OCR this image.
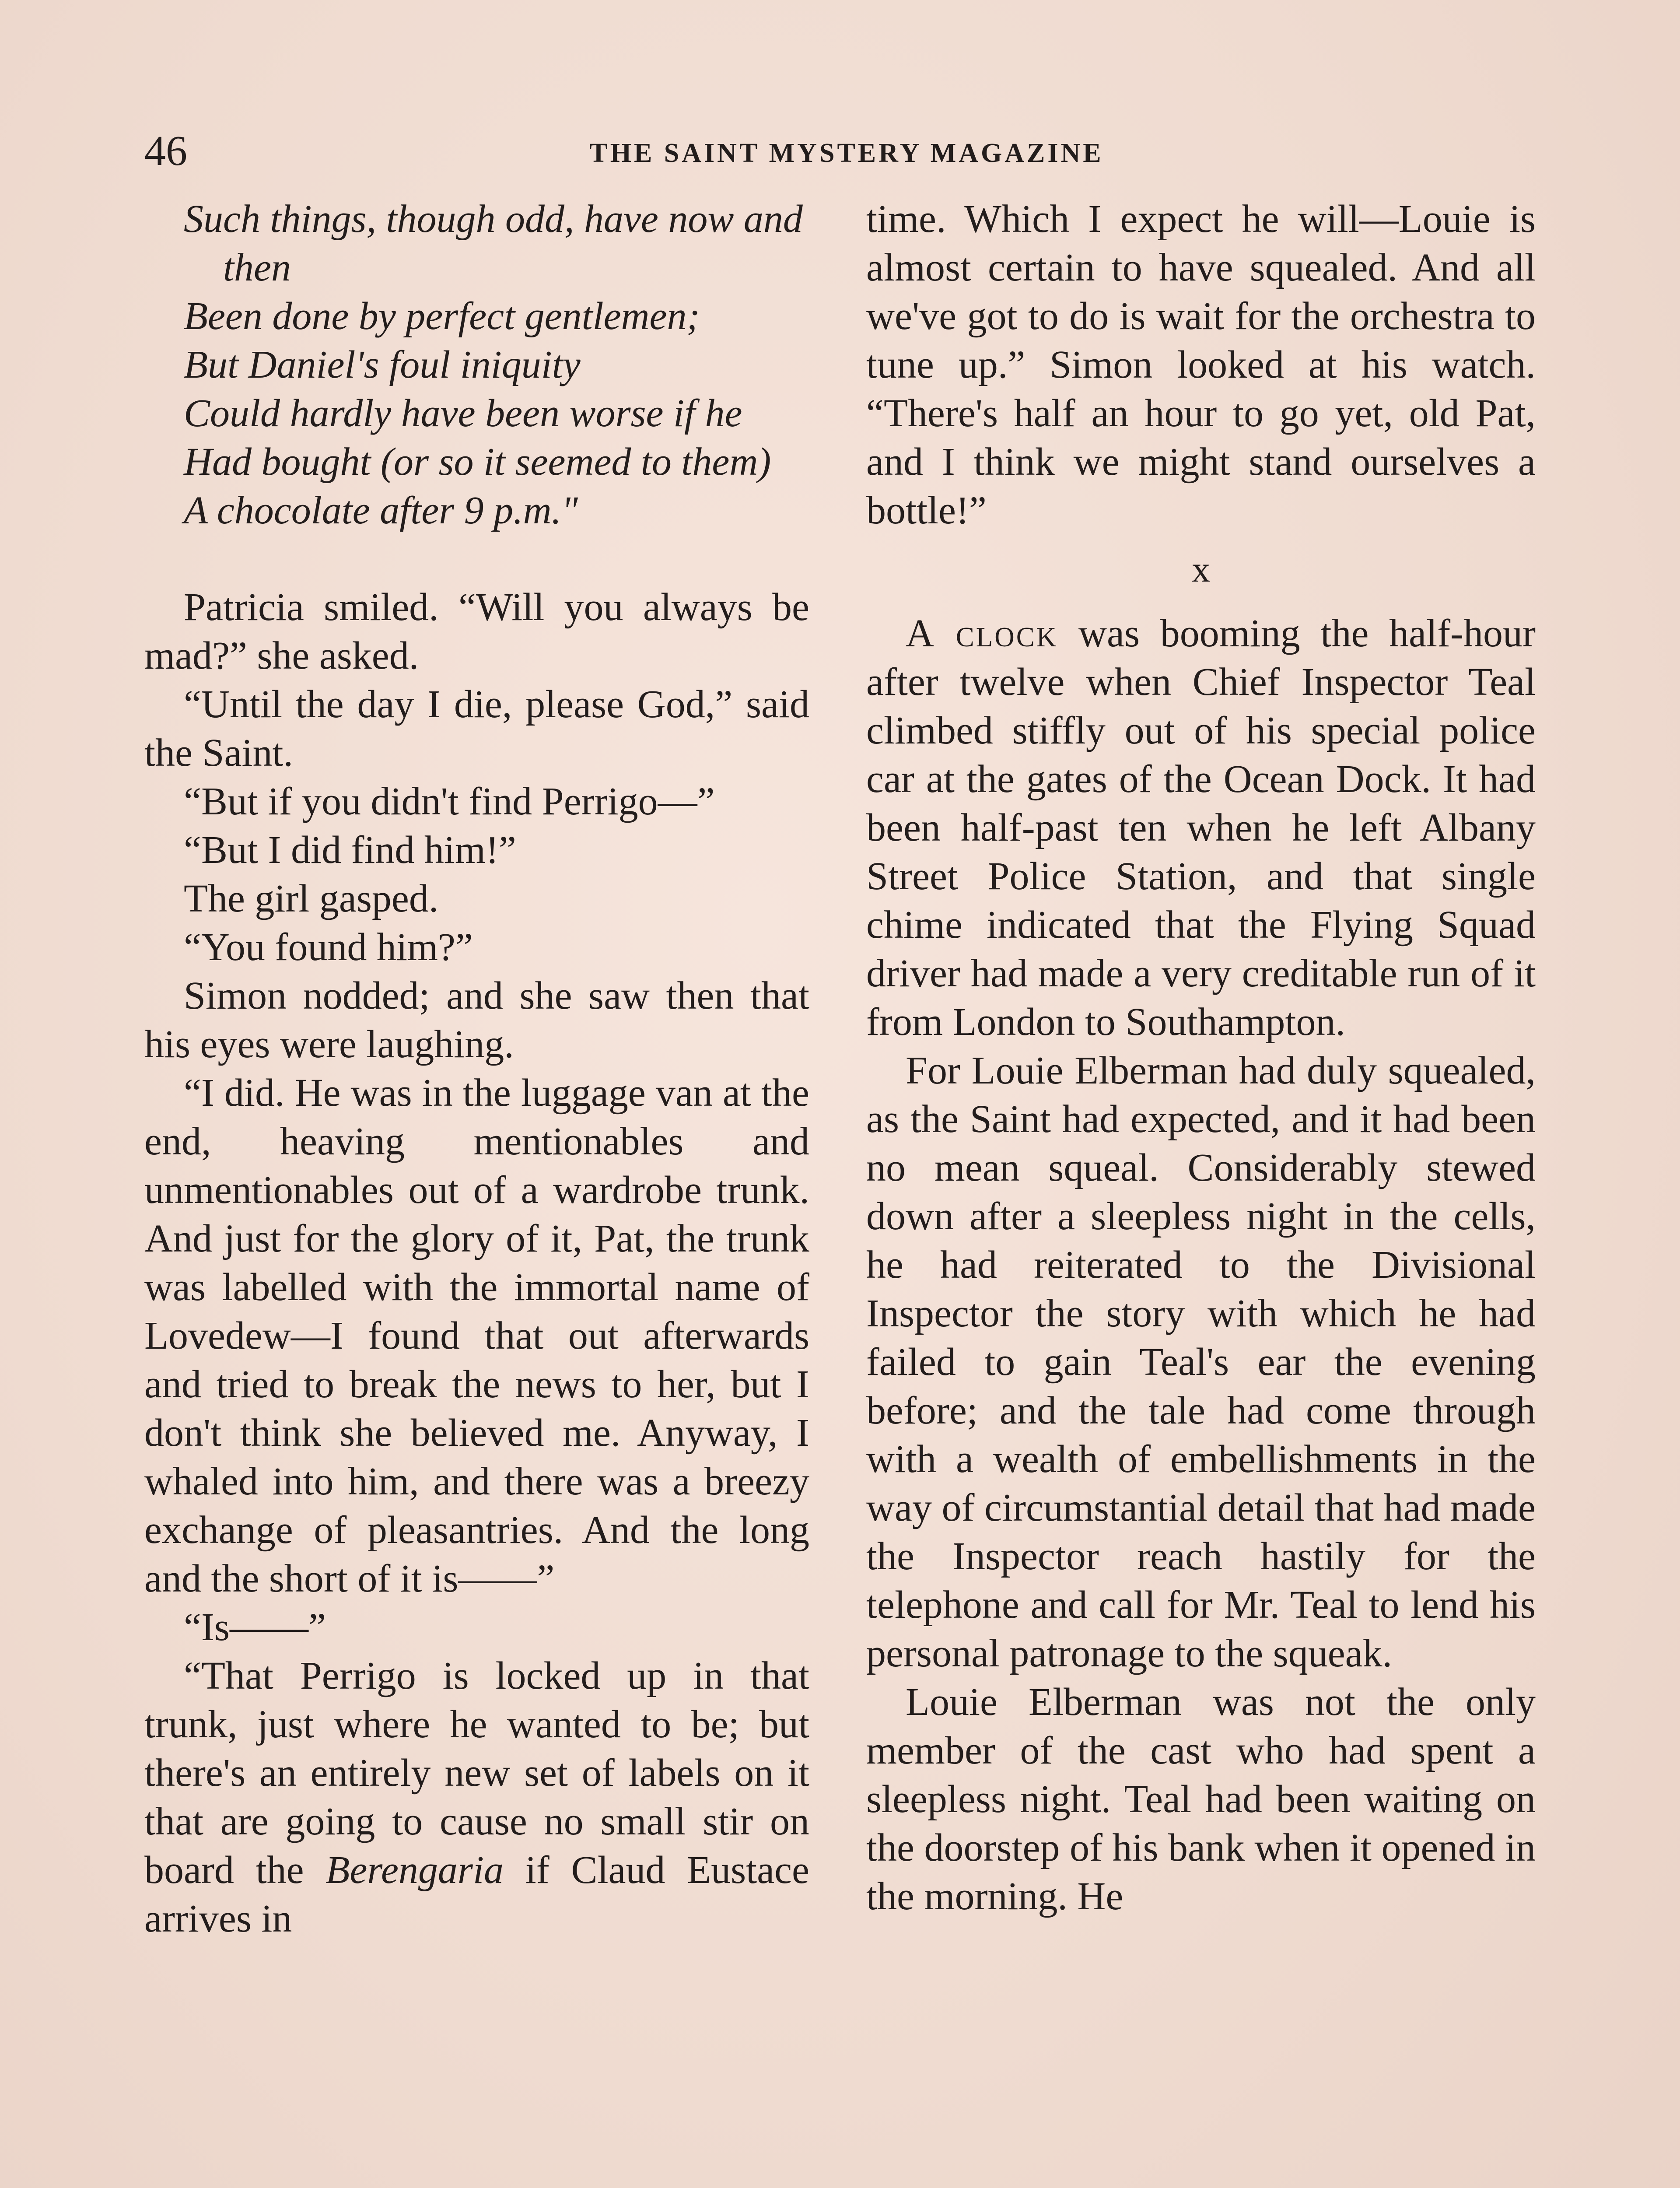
46	THE SAINT MYSTERY MAGAZINE
Such things, though odd, have now and then
Been done by perfect gentlemen;
But Daniel's foul iniquity
Could hardly have been worse if he
Had bought (or so it seemed to them)
A chocolate after 9 p.m."

Patricia smiled. “Will you always be mad?” she asked.

“Until the day I die, please God,” said the Saint.

“But if you didn't find Perrigo—”

“But I did find him!”

The girl gasped.

“You found him?”

Simon nodded; and she saw then that his eyes were laughing.

“I did. He was in the luggage van at the end, heaving mentionables and unmentionables out of a wardrobe trunk. And just for the glory of it, Pat, the trunk was labelled with the immortal name of Lovedew—I found that out afterwards and tried to break the news to her, but I don't think she believed me. Anyway, I whaled into him, and there was a breezy exchange of pleasantries. And the long and the short of it is——”

“Is——”

“That Perrigo is locked up in that trunk, just where he wanted to be; but there's an entirely new set of labels on it that are going to cause no small stir on board the Berengaria if Claud Eustace arrives in

time. Which I expect he will—Louie is almost certain to have squealed. And all we've got to do is wait for the orchestra to tune up.” Simon looked at his watch. “There's half an hour to go yet, old Pat, and I think we might stand ourselves a bottle!”

x

A clock was booming the half-hour after twelve when Chief Inspector Teal climbed stiffly out of his special police car at the gates of the Ocean Dock. It had been half-past ten when he left Albany Street Police Station, and that single chime indicated that the Flying Squad driver had made a very creditable run of it from London to Southampton.

For Louie Elberman had duly squealed, as the Saint had expected, and it had been no mean squeal. Considerably stewed down after a sleepless night in the cells, he had reiterated to the Divisional Inspector the story with which he had failed to gain Teal's ear the evening before; and the tale had come through with a wealth of embellishments in the way of circumstantial detail that had made the Inspector reach hastily for the telephone and call for Mr. Teal to lend his personal patronage to the squeak.

Louie Elberman was not the only member of the cast who had spent a sleepless night. Teal had been waiting on the doorstep of his bank when it opened in the morning. He
